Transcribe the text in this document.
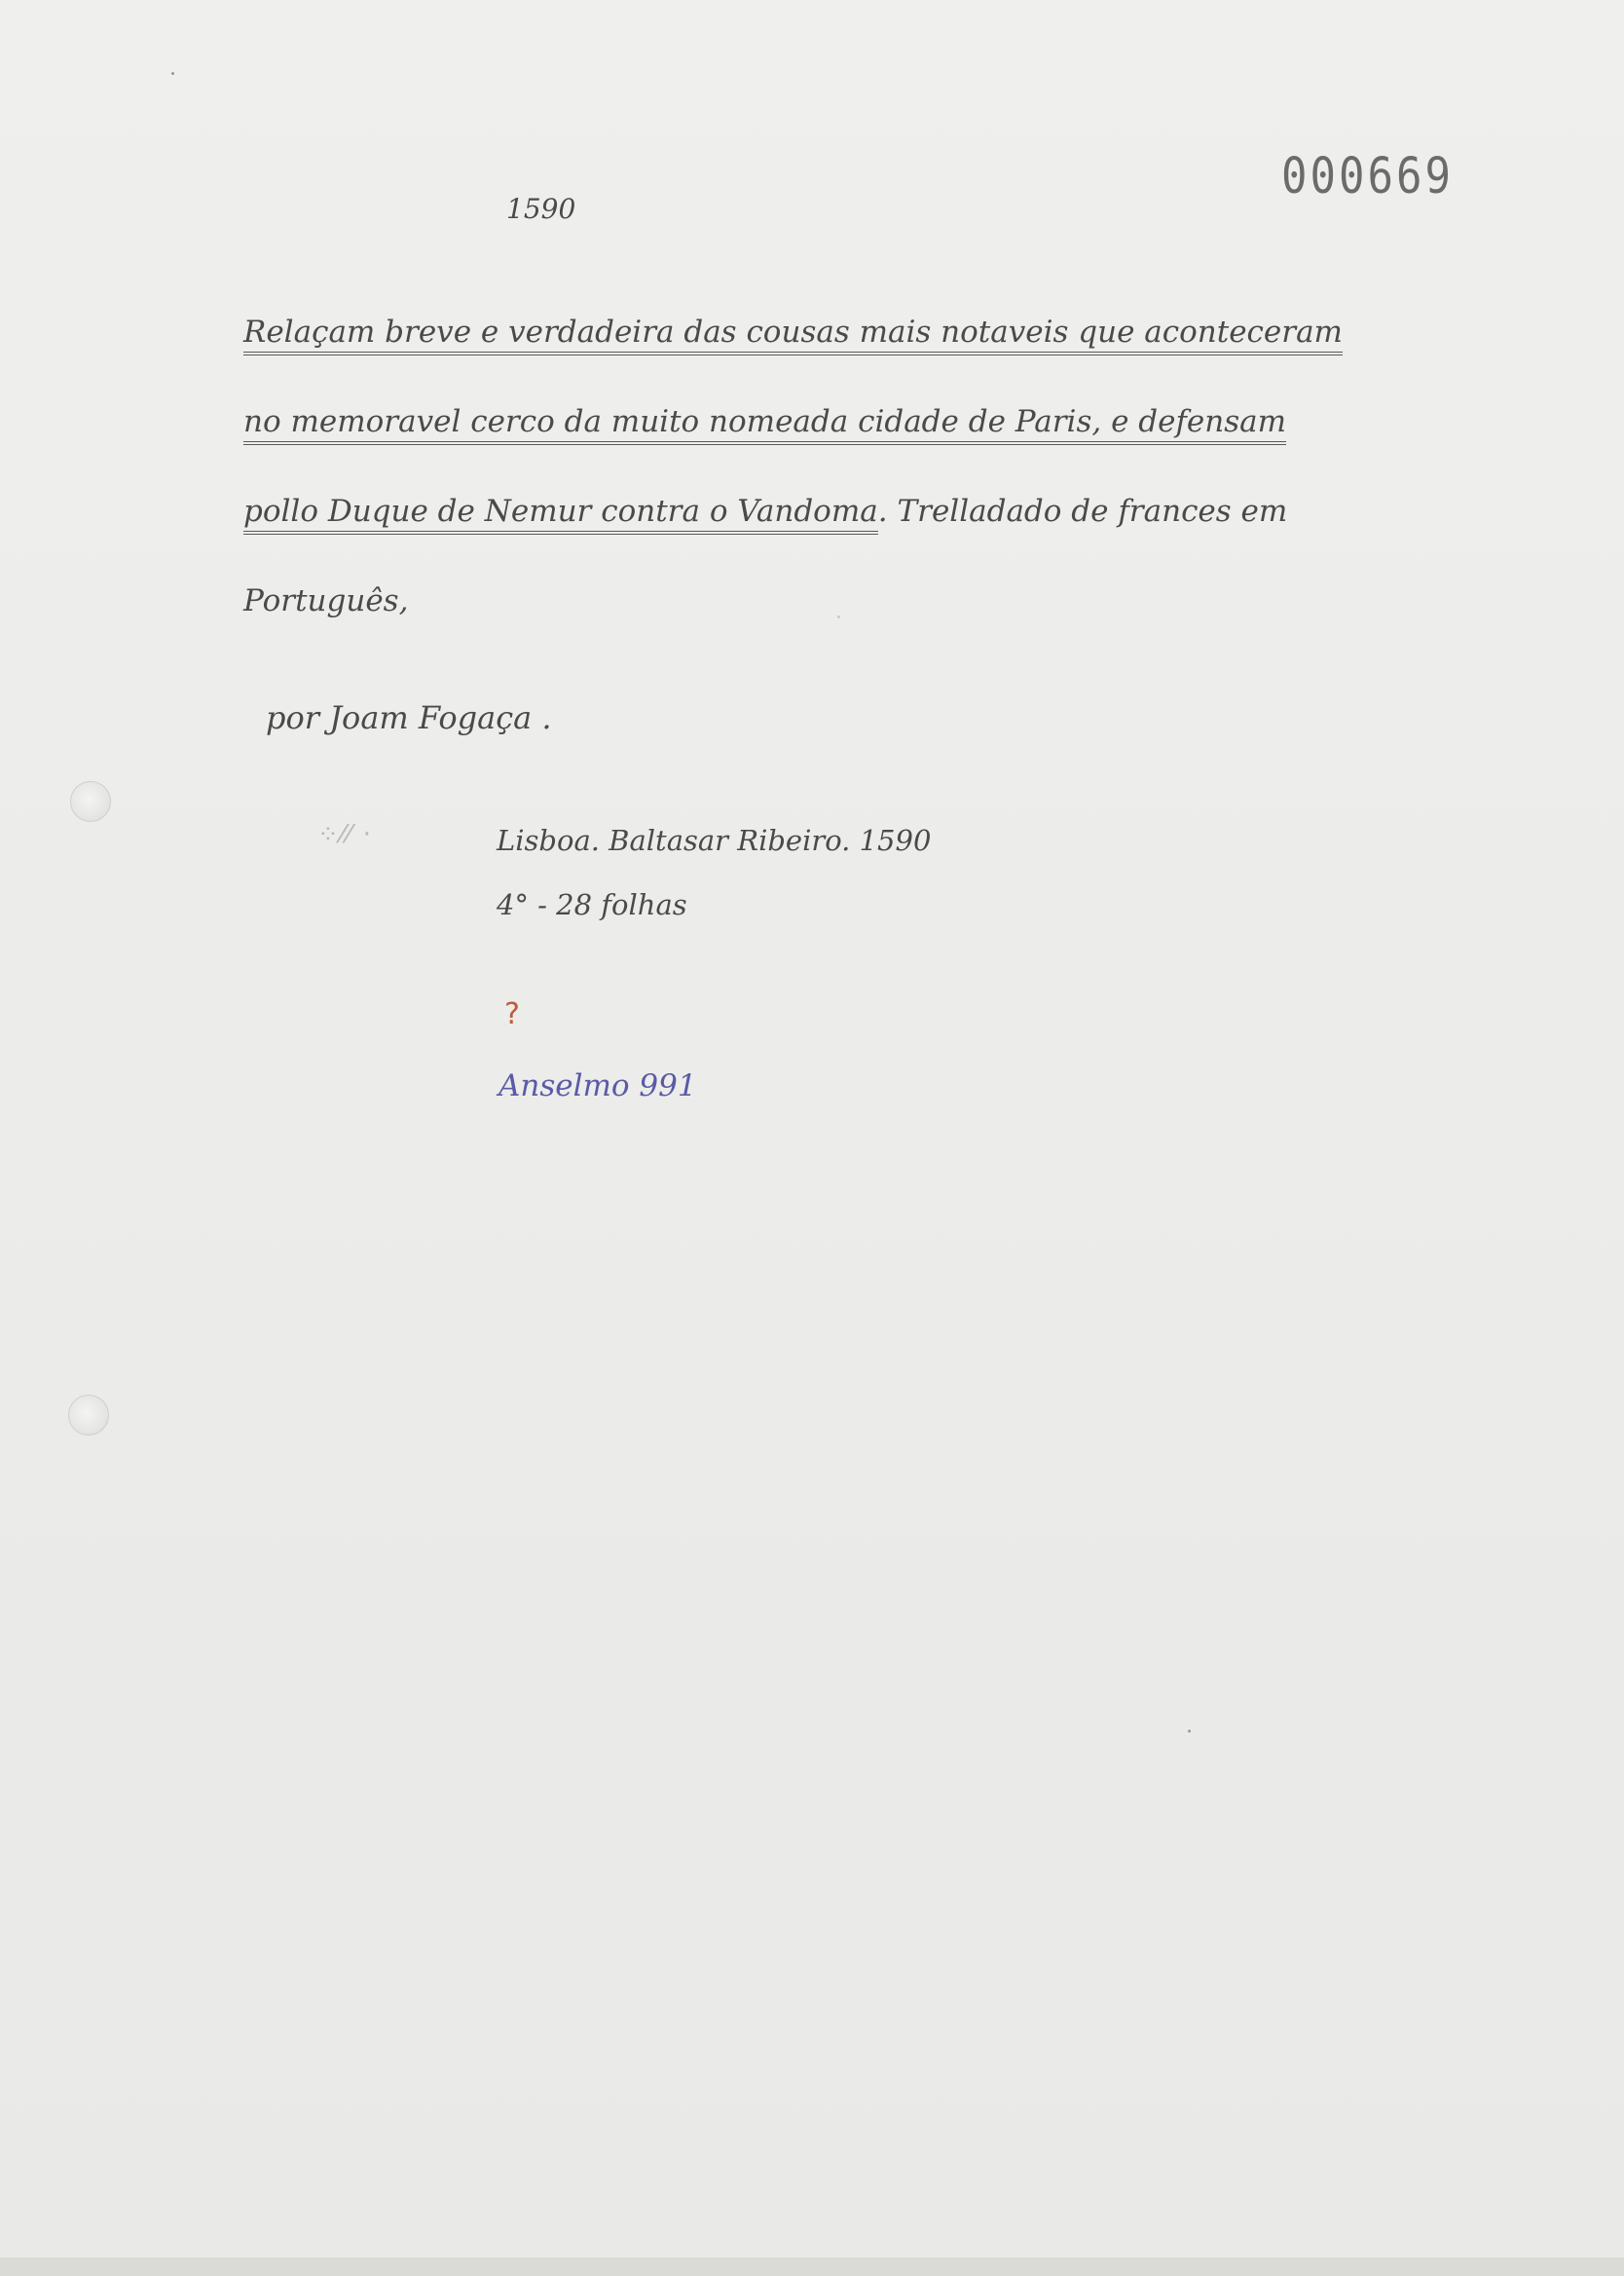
000669

1590

Relaçam breve e verdadeira das cousas mais notaveis que aconteceram

no memoravel cerco da muito nomeada cidade de Paris, e defensam

pollo Duque de Nemur contra o Vandoma. Trelladado de frances em

Português,

por Joam Fogaça .

⁘⁄⁄ ·	Lisboa. Baltasar Ribeiro. 1590

4° - 28 folhas

?

Anselmo 991
